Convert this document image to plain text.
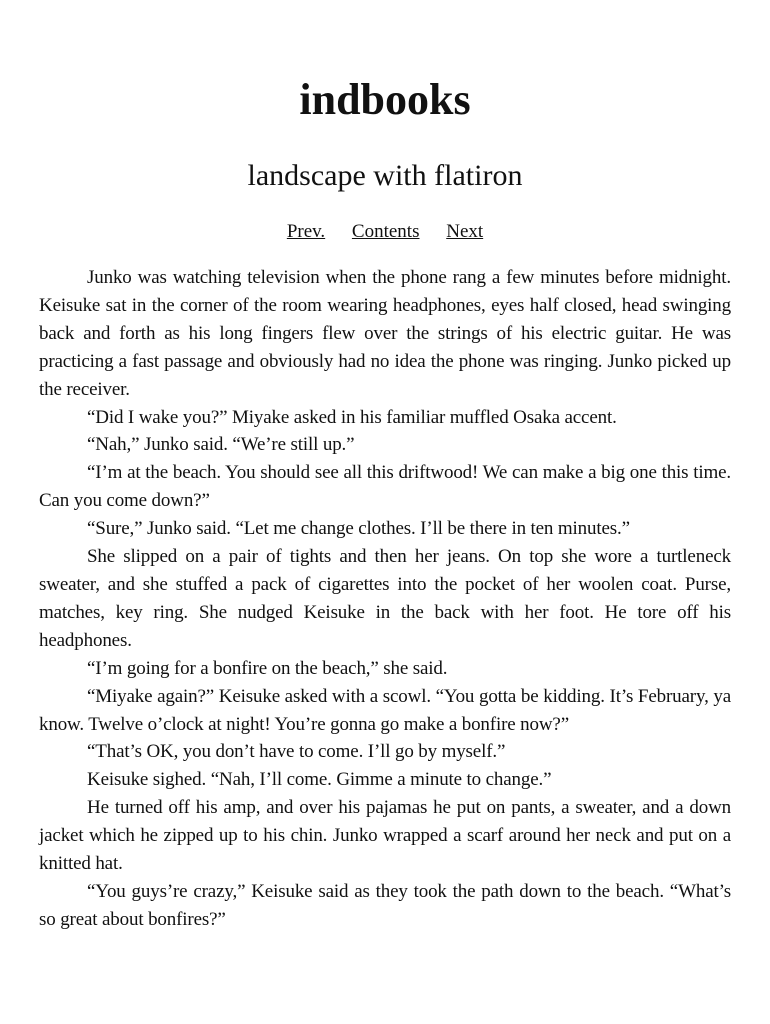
indbooks
landscape with flatiron
Prev. Contents Next

Junko was watching television when the phone rang a few minutes before midnight. Keisuke sat in the corner of the room wearing headphones, eyes half closed, head swinging back and forth as his long fingers flew over the strings of his electric guitar. He was practicing a fast passage and obviously had no idea the phone was ringing. Junko picked up the receiver.

“Did I wake you?” Miyake asked in his familiar muffled Osaka accent.

“Nah,” Junko said. “We’re still up.”

“I’m at the beach. You should see all this driftwood! We can make a big one this time. Can you come down?”

“Sure,” Junko said. “Let me change clothes. I’ll be there in ten minutes.”

She slipped on a pair of tights and then her jeans. On top she wore a turtleneck sweater, and she stuffed a pack of cigarettes into the pocket of her woolen coat. Purse, matches, key ring. She nudged Keisuke in the back with her foot. He tore off his headphones.

“I’m going for a bonfire on the beach,” she said.

“Miyake again?” Keisuke asked with a scowl. “You gotta be kidding. It’s February, ya know. Twelve o’clock at night! You’re gonna go make a bonfire now?”

“That’s OK, you don’t have to come. I’ll go by myself.”

Keisuke sighed. “Nah, I’ll come. Gimme a minute to change.”

He turned off his amp, and over his pajamas he put on pants, a sweater, and a down jacket which he zipped up to his chin. Junko wrapped a scarf around her neck and put on a knitted hat.

“You guys’re crazy,” Keisuke said as they took the path down to the beach. “What’s so great about bonfires?”
